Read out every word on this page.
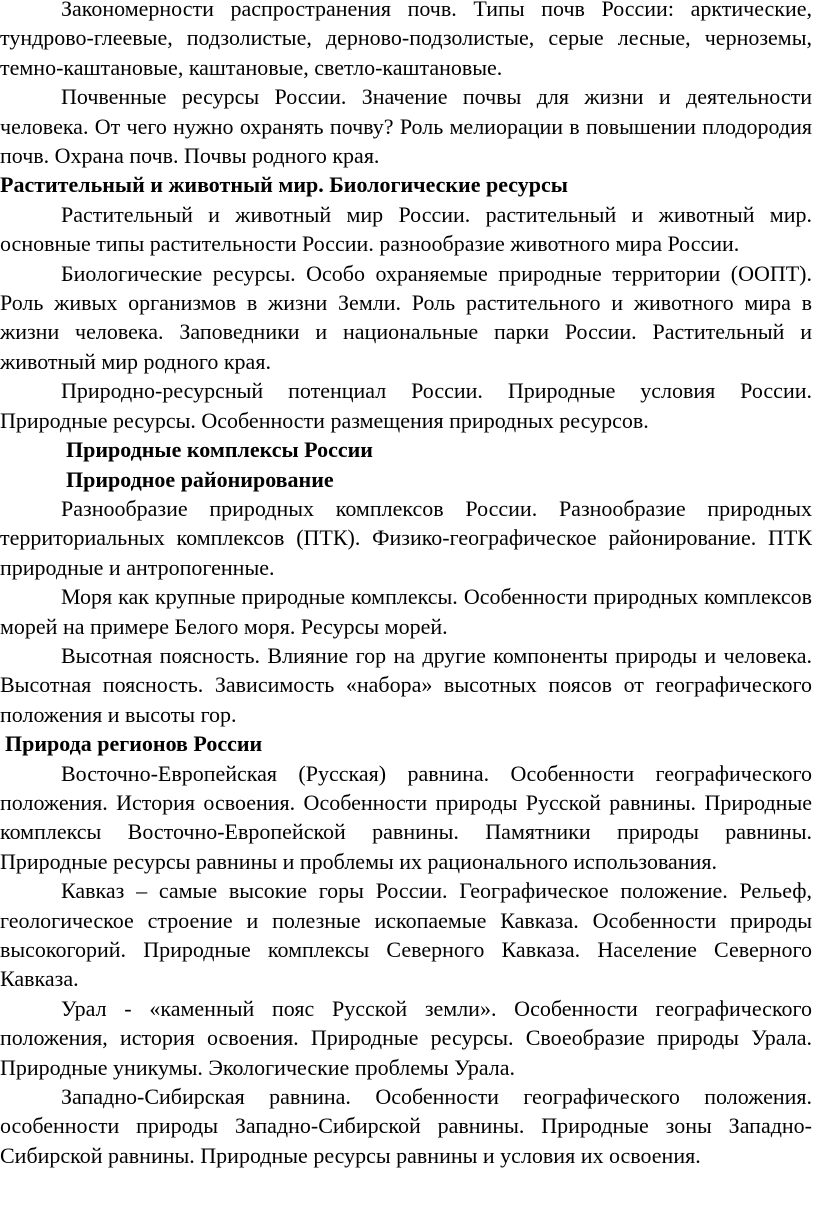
Закономерности распространения почв. Типы почв России: арктические, тундрово-глеевые, подзолистые, дерново-подзолистые, серые лесные, черноземы, темно-каштановые, каштановые, светло-каштановые.

Почвенные ресурсы России. Значение почвы для жизни и деятельности человека. От чего нужно охранять почву? Роль мелиорации в повышении плодородия почв. Охрана почв. Почвы родного края.

Растительный и животный мир. Биологические ресурсы

Растительный и животный мир России. растительный и животный мир. основные типы растительности России. разнообразие животного мира России.

Биологические ресурсы. Особо охраняемые природные территории (ООПТ). Роль живых организмов в жизни Земли. Роль растительного и животного мира в жизни человека. Заповедники и национальные парки России. Растительный и животный мир родного края.

Природно-ресурсный потенциал России. Природные условия России. Природные ресурсы. Особенности размещения природных ресурсов.

Природные комплексы России

Природное районирование

Разнообразие природных комплексов России. Разнообразие природных территориальных комплексов (ПТК). Физико-географическое районирование. ПТК природные и антропогенные.

Моря как крупные природные комплексы. Особенности природных комплексов морей на примере Белого моря. Ресурсы морей.

Высотная поясность. Влияние гор на другие компоненты природы и человека. Высотная поясность. Зависимость «набора» высотных поясов от географического положения и высоты гор.

Природа регионов России

Восточно-Европейская (Русская) равнина. Особенности географического положения. История освоения. Особенности природы Русской равнины. Природные комплексы Восточно-Европейской равнины. Памятники природы равнины. Природные ресурсы равнины и проблемы их рационального использования.

Кавказ – самые высокие горы России. Географическое положение. Рельеф, геологическое строение и полезные ископаемые Кавказа. Особенности природы высокогорий. Природные комплексы Северного Кавказа. Население Северного Кавказа.

Урал - «каменный пояс Русской земли». Особенности географического положения, история освоения. Природные ресурсы. Своеобразие природы Урала. Природные уникумы. Экологические проблемы Урала.

Западно-Сибирская равнина. Особенности географического положения. особенности природы Западно-Сибирской равнины. Природные зоны Западно-Сибирской равнины. Природные ресурсы равнины и условия их освоения.
